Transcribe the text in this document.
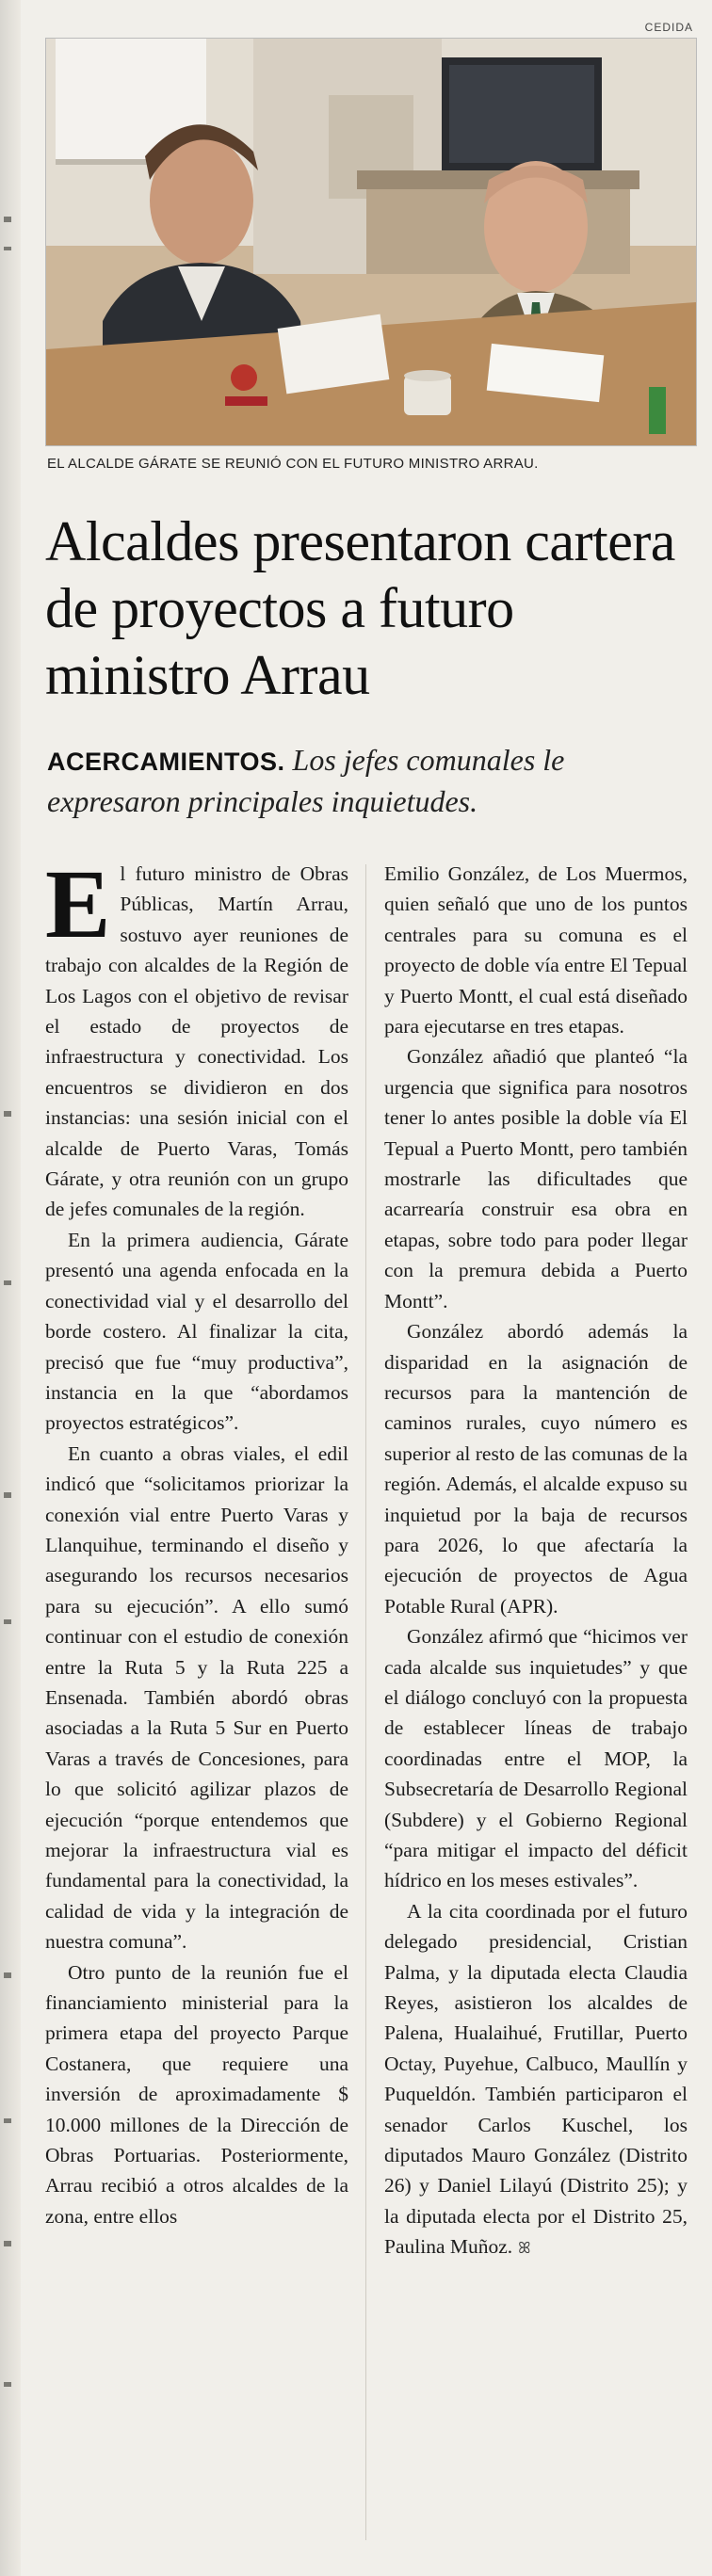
CEDIDA
EL ALCALDE GÁRATE SE REUNIÓ CON EL FUTURO MINISTRO ARRAU.
Alcaldes presentaron cartera de proyectos a futuro ministro Arrau

ACERCAMIENTOS. Los jefes comunales le expresaron principales inquietudes.

El futuro ministro de Obras Públicas, Martín Arrau, sostuvo ayer reuniones de trabajo con alcaldes de la Región de Los Lagos con el objetivo de revisar el estado de proyectos de infraestructura y conectividad. Los encuentros se dividieron en dos instancias: una sesión inicial con el alcalde de Puerto Varas, Tomás Gárate, y otra reunión con un grupo de jefes comunales de la región.

En la primera audiencia, Gárate presentó una agenda enfocada en la conectividad vial y el desarrollo del borde costero. Al finalizar la cita, precisó que fue “muy productiva”, instancia en la que “abordamos proyectos estratégicos”.

En cuanto a obras viales, el edil indicó que “solicitamos priorizar la conexión vial entre Puerto Varas y Llanquihue, terminando el diseño y asegurando los recursos necesarios para su ejecución”. A ello sumó continuar con el estudio de conexión entre la Ruta 5 y la Ruta 225 a Ensenada. También abordó obras asociadas a la Ruta 5 Sur en Puerto Varas a través de Concesiones, para lo que solicitó agilizar plazos de ejecución “porque entendemos que mejorar la infraestructura vial es fundamental para la conectividad, la calidad de vida y la integración de nuestra comuna”.

Otro punto de la reunión fue el financiamiento ministerial para la primera etapa del proyecto Parque Costanera, que requiere una inversión de aproximadamente $ 10.000 millones de la Dirección de Obras Portuarias. Posteriormente, Arrau recibió a otros alcaldes de la zona, entre ellos

Emilio González, de Los Muermos, quien señaló que uno de los puntos centrales para su comuna es el proyecto de doble vía entre El Tepual y Puerto Montt, el cual está diseñado para ejecutarse en tres etapas.

González añadió que planteó “la urgencia que significa para nosotros tener lo antes posible la doble vía El Tepual a Puerto Montt, pero también mostrarle las dificultades que acarrearía construir esa obra en etapas, sobre todo para poder llegar con la premura debida a Puerto Montt”.

González abordó además la disparidad en la asignación de recursos para la mantención de caminos rurales, cuyo número es superior al resto de las comunas de la región. Además, el alcalde expuso su inquietud por la baja de recursos para 2026, lo que afectaría la ejecución de proyectos de Agua Potable Rural (APR).

González afirmó que “hicimos ver cada alcalde sus inquietudes” y que el diálogo concluyó con la propuesta de establecer líneas de trabajo coordinadas entre el MOP, la Subsecretaría de Desarrollo Regional (Subdere) y el Gobierno Regional “para mitigar el impacto del déficit hídrico en los meses estivales”.

A la cita coordinada por el futuro delegado presidencial, Cristian Palma, y la diputada electa Claudia Reyes, asistieron los alcaldes de Palena, Hualaihué, Frutillar, Puerto Octay, Puyehue, Calbuco, Maullín y Puqueldón. También participaron el senador Carlos Kuschel, los diputados Mauro González (Distrito 26) y Daniel Lilayú (Distrito 25); y la diputada electa por el Distrito 25, Paulina Muñoz. ꕤ
